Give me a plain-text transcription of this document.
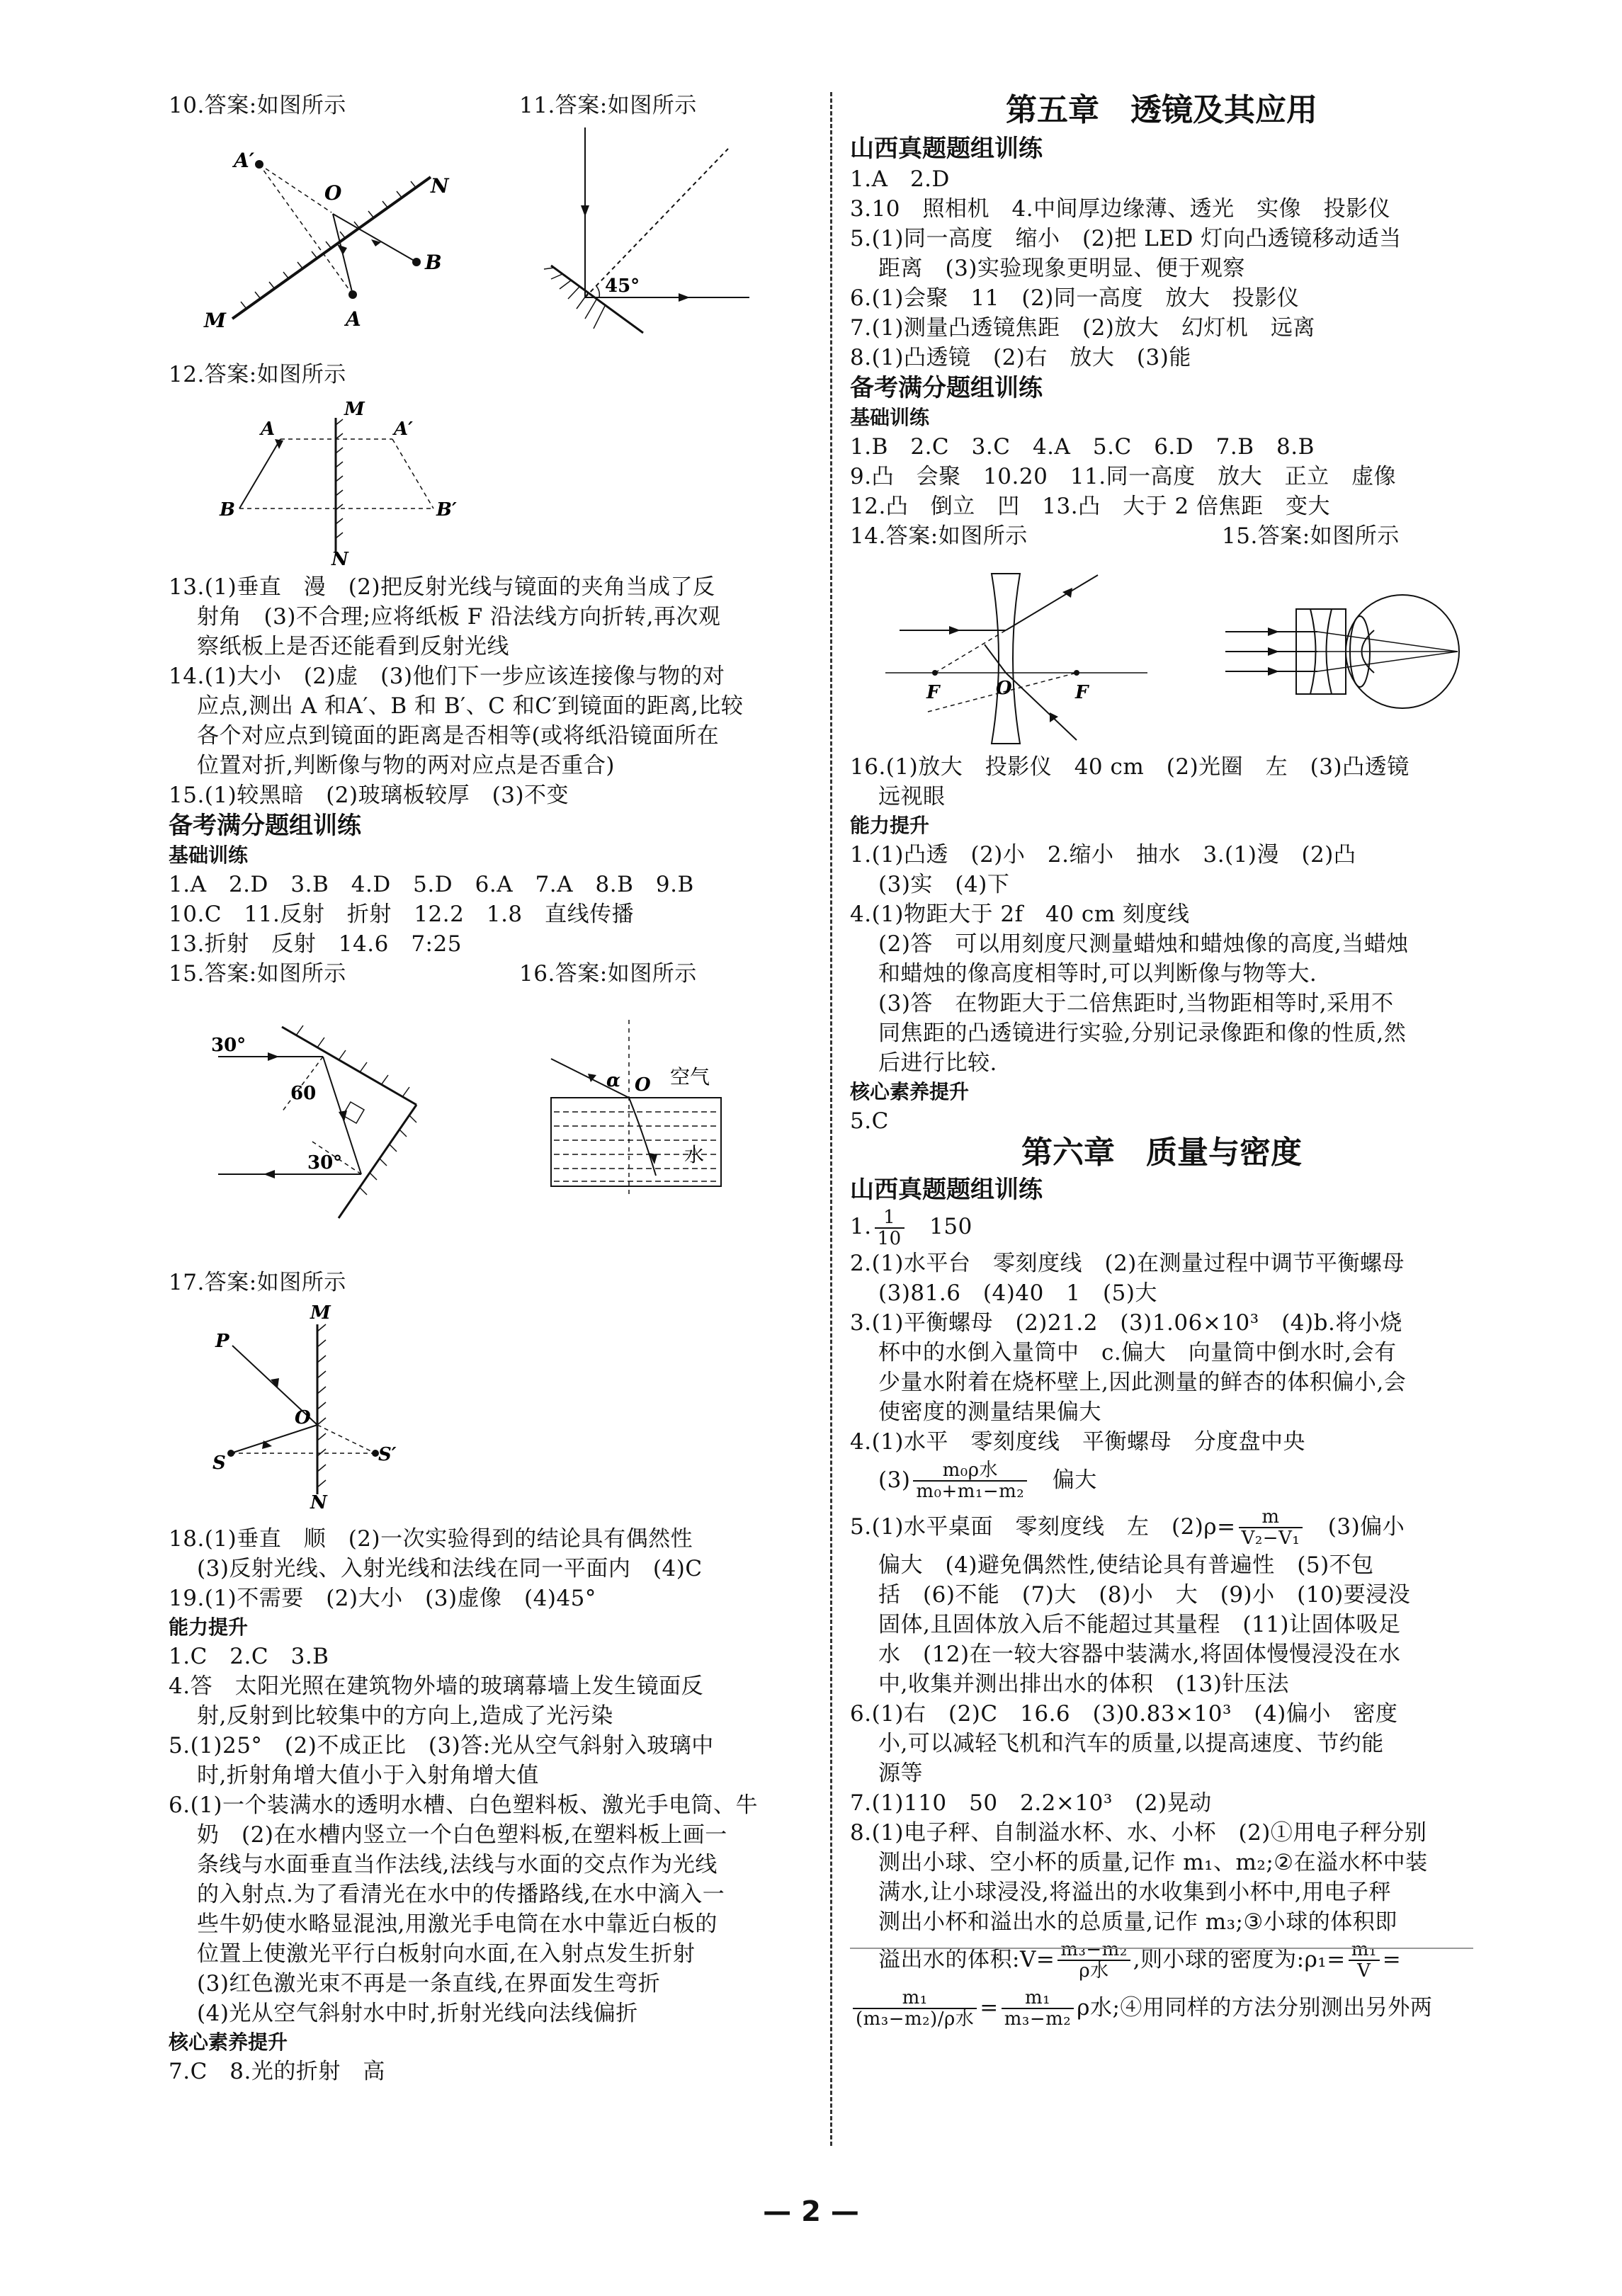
10.答案:如图所示	11.答案:如图所示
A′
O	N
B
M	A
45°
12.答案:如图所示
A
M
A′
B	B′
N
13.(1)垂直　漫　(2)把反射光线与镜面的夹角当成了反
射角　(3)不合理;应将纸板 F 沿法线方向折转,再次观
察纸板上是否还能看到反射光线
14.(1)大小　(2)虚　(3)他们下一步应该连接像与物的对
应点,测出 A 和A′、B 和 B′、C 和C′到镜面的距离,比较
各个对应点到镜面的距离是否相等(或将纸沿镜面所在
位置对折,判断像与物的两对应点是否重合)
15.(1)较黑暗　(2)玻璃板较厚　(3)不变
备考满分题组训练
基础训练
1.A　2.D　3.B　4.D　5.D　6.A　7.A　8.B　9.B
10.C　11.反射　折射　12.2　1.8　直线传播
13.折射　反射　14.6　7:25
15.答案:如图所示	16.答案:如图所示
30°
60
30°
α O 空气
水
17.答案:如图所示
M
P
O
S	S′
N
18.(1)垂直　顺　(2)一次实验得到的结论具有偶然性
(3)反射光线、入射光线和法线在同一平面内　(4)C
19.(1)不需要　(2)大小　(3)虚像　(4)45°
能力提升
1.C　2.C　3.B
4.答　太阳光照在建筑物外墙的玻璃幕墙上发生镜面反
射,反射到比较集中的方向上,造成了光污染
5.(1)25°　(2)不成正比　(3)答:光从空气斜射入玻璃中
时,折射角增大值小于入射角增大值
6.(1)一个装满水的透明水槽、白色塑料板、激光手电筒、牛
奶　(2)在水槽内竖立一个白色塑料板,在塑料板上画一
条线与水面垂直当作法线,法线与水面的交点作为光线
的入射点.为了看清光在水中的传播路线,在水中滴入一
些牛奶使水略显混浊,用激光手电筒在水中靠近白板的
位置上使激光平行白板射向水面,在入射点发生折射
(3)红色激光束不再是一条直线,在界面发生弯折
(4)光从空气斜射水中时,折射光线向法线偏折
核心素养提升
7.C　8.光的折射　高
第五章　透镜及其应用
山西真题题组训练
1.A　2.D
3.10　照相机　4.中间厚边缘薄、透光　实像　投影仪
5.(1)同一高度　缩小　(2)把 LED 灯向凸透镜移动适当
距离　(3)实验现象更明显、便于观察
6.(1)会聚　11　(2)同一高度　放大　投影仪
7.(1)测量凸透镜焦距　(2)放大　幻灯机　远离
8.(1)凸透镜　(2)右　放大　(3)能
备考满分题组训练
基础训练
1.B　2.C　3.C　4.A　5.C　6.D　7.B　8.B
9.凸　会聚　10.20　11.同一高度　放大　正立　虚像
12.凸　倒立　凹　13.凸　大于 2 倍焦距　变大
14.答案:如图所示	15.答案:如图所示
F	O	F
16.(1)放大　投影仪　40 cm　(2)光圈　左　(3)凸透镜
远视眼
能力提升
1.(1)凸透　(2)小　2.缩小　抽水　3.(1)漫　(2)凸
(3)实　(4)下
4.(1)物距大于 2f　40 cm 刻度线
(2)答　可以用刻度尺测量蜡烛和蜡烛像的高度,当蜡烛
和蜡烛的像高度相等时,可以判断像与物等大.
(3)答　在物距大于二倍焦距时,当物距相等时,采用不
同焦距的凸透镜进行实验,分别记录像距和像的性质,然
后进行比较.
核心素养提升
5.C
第六章　质量与密度
山西真题题组训练
1. $\frac{1}{10}$
　 150
2.(1)水平台　零刻度线　(2)在测量过程中调节平衡螺母
(3)81.6　(4)40　1　(5)大
3.(1)平衡螺母　(2)21.2　(3)1.06×10³　(4)b.将小烧
杯中的水倒入量筒中　c.偏大　向量筒中倒水时,会有
少量水附着在烧杯壁上,因此测量的鲜杏的体积偏小,会
使密度的测量结果偏大
4.(1)水平　零刻度线　平衡螺母　分度盘中央
$(3) \frac{\text{m₀ρ水}}{\text{m₀+m₁−m₂}}$
　 偏大
5.(1)水平桌面　零刻度线　左　$(2)\rho= \frac{m}{\text{V₂−V₁}}$
　 (3)偏小
偏大　(4)避免偶然性,使结论具有普遍性　(5)不包
括　(6)不能　(7)大　(8)小　大　(9)小　(10)要浸没
固体,且固体放入后不能超过其量程　(11)让固体吸足
水　(12)在一较大容器中装满水,将固体慢慢浸没在水
中,收集并测出排出水的体积　(13)针压法
6.(1)右　(2)C　16.6　(3)0.83×10³　(4)偏小　密度
小,可以减轻飞机和汽车的质量,以提高速度、节约能
源等
7.(1)110　50　2.2×10³　(2)晃动
8.(1)电子秤、自制溢水杯、水、小杯　(2)①用电子秤分别
测出小球、空小杯的质量,记作 m₁、m₂;②在溢水杯中装
满水,让小球浸没,将溢出的水收集到小杯中,用电子秤
测出小杯和溢出水的总质量,记作 m₃;③小球的体积即
溢出水的体积:V= $\frac{\text{m₃−m₂}}{\text{ρ水}}$ ,则小球的密度为:ρ₁= $\frac{\text{m₁}}{V}$ =
$\frac{\text{m₁}}{\text{(m₃−m₂)/ρ水}} = \frac{\text{m₁}}{\text{m₃−m₂}}$ ρ水;④用同样的方法分别测出另外两
— 2 —
